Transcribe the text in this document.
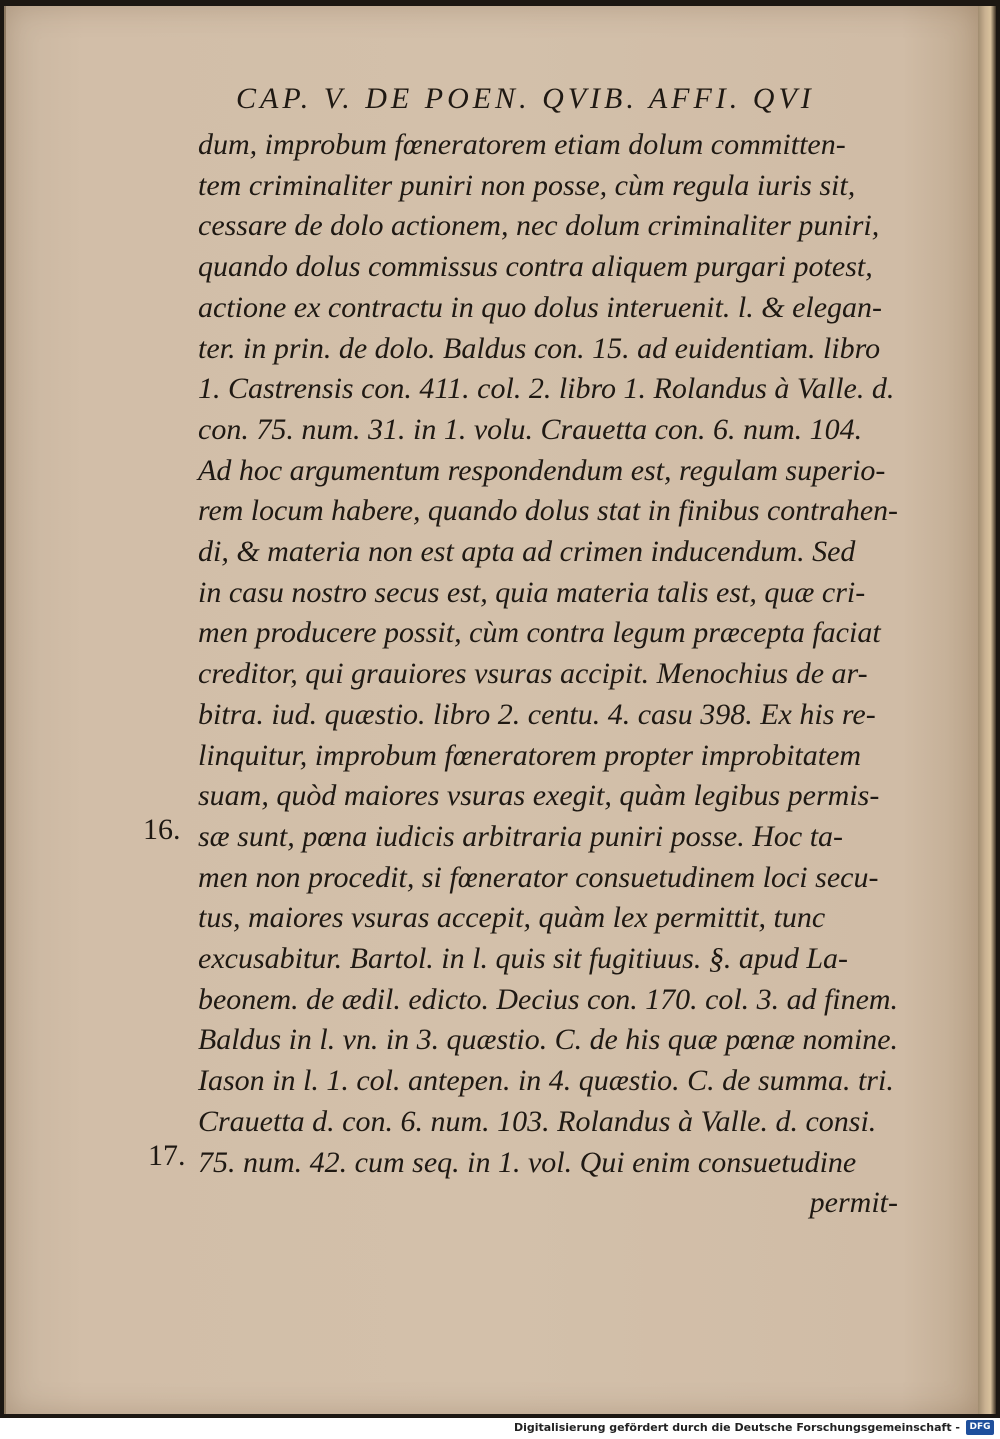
CAP. V. DE POEN. QVIB. AFFI. QVI
dum, improbum fœneratorem etiam dolum committen-
tem criminaliter puniri non posse, cùm regula iuris sit,
cessare de dolo actionem, nec dolum criminaliter puniri,
quando dolus commissus contra aliquem purgari potest,
actione ex contractu in quo dolus interuenit. l. & elegan-
ter. in prin. de dolo. Baldus con. 15. ad euidentiam. libro
1. Castrensis con. 411. col. 2. libro 1. Rolandus à Valle. d.
con. 75. num. 31. in 1. volu. Crauetta con. 6. num. 104.
Ad hoc argumentum respondendum est, regulam superio-
rem locum habere, quando dolus stat in finibus contrahen-
di, & materia non est apta ad crimen inducendum. Sed
in casu nostro secus est, quia materia talis est, quæ cri-
men producere possit, cùm contra legum præcepta faciat
creditor, qui grauiores vsuras accipit. Menochius de ar-
bitra. iud. quæstio. libro 2. centu. 4. casu 398. Ex his re-
linquitur, improbum fœneratorem propter improbitatem
suam, quòd maiores vsuras exegit, quàm legibus permis-
sæ sunt, pœna iudicis arbitraria puniri posse. Hoc ta-
men non procedit, si fœnerator consuetudinem loci secu-
tus, maiores vsuras accepit, quàm lex permittit, tunc
excusabitur. Bartol. in l. quis sit fugitiuus. §. apud La-
beonem. de ædil. edicto. Decius con. 170. col. 3. ad finem.
Baldus in l. vn. in 3. quæstio. C. de his quæ pœnæ nomine.
Iason in l. 1. col. antepen. in 4. quæstio. C. de summa. tri.
Crauetta d. con. 6. num. 103. Rolandus à Valle. d. consi.
75. num. 42. cum seq. in 1. vol. Qui enim consuetudine
permit-
16.
17.
Digitalisierung gefördert durch die Deutsche Forschungsgemeinschaft -	DFG
